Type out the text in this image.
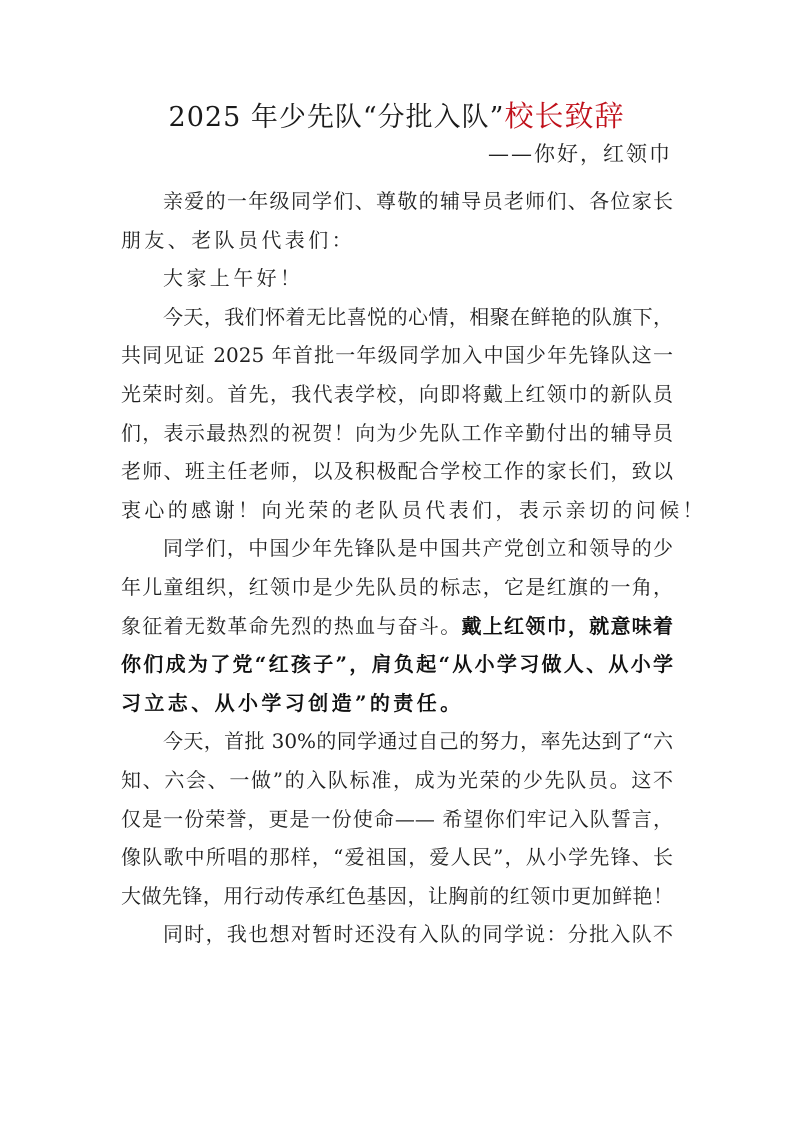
2025 年少先队“分批入队”校长致辞
——你好，红领巾
亲爱的一年级同学们、尊敬的辅导员老师们、各位家长
朋友、老队员代表们：
大家上午好！
今天，我们怀着无比喜悦的心情，相聚在鲜艳的队旗下，
共同见证 2025 年首批一年级同学加入中国少年先锋队这一
光荣时刻。首先，我代表学校，向即将戴上红领巾的新队员
们，表示最热烈的祝贺！向为少先队工作辛勤付出的辅导员
老师、班主任老师，以及积极配合学校工作的家长们，致以
衷心的感谢！向光荣的老队员代表们，表示亲切的问候！
同学们，中国少年先锋队是中国共产党创立和领导的少
年儿童组织，红领巾是少先队员的标志，它是红旗的一角，
象征着无数革命先烈的热血与奋斗。戴上红领巾，就意味着
你们成为了党“红孩子”，肩负起“从小学习做人、从小学
习立志、从小学习创造”的责任。
今天，首批 30%的同学通过自己的努力，率先达到了“六
知、六会、一做”的入队标准，成为光荣的少先队员。这不
仅是一份荣誉，更是一份使命—— 希望你们牢记入队誓言，
像队歌中所唱的那样，“爱祖国，爱人民”，从小学先锋、长
大做先锋，用行动传承红色基因，让胸前的红领巾更加鲜艳！
同时，我也想对暂时还没有入队的同学说：分批入队不
